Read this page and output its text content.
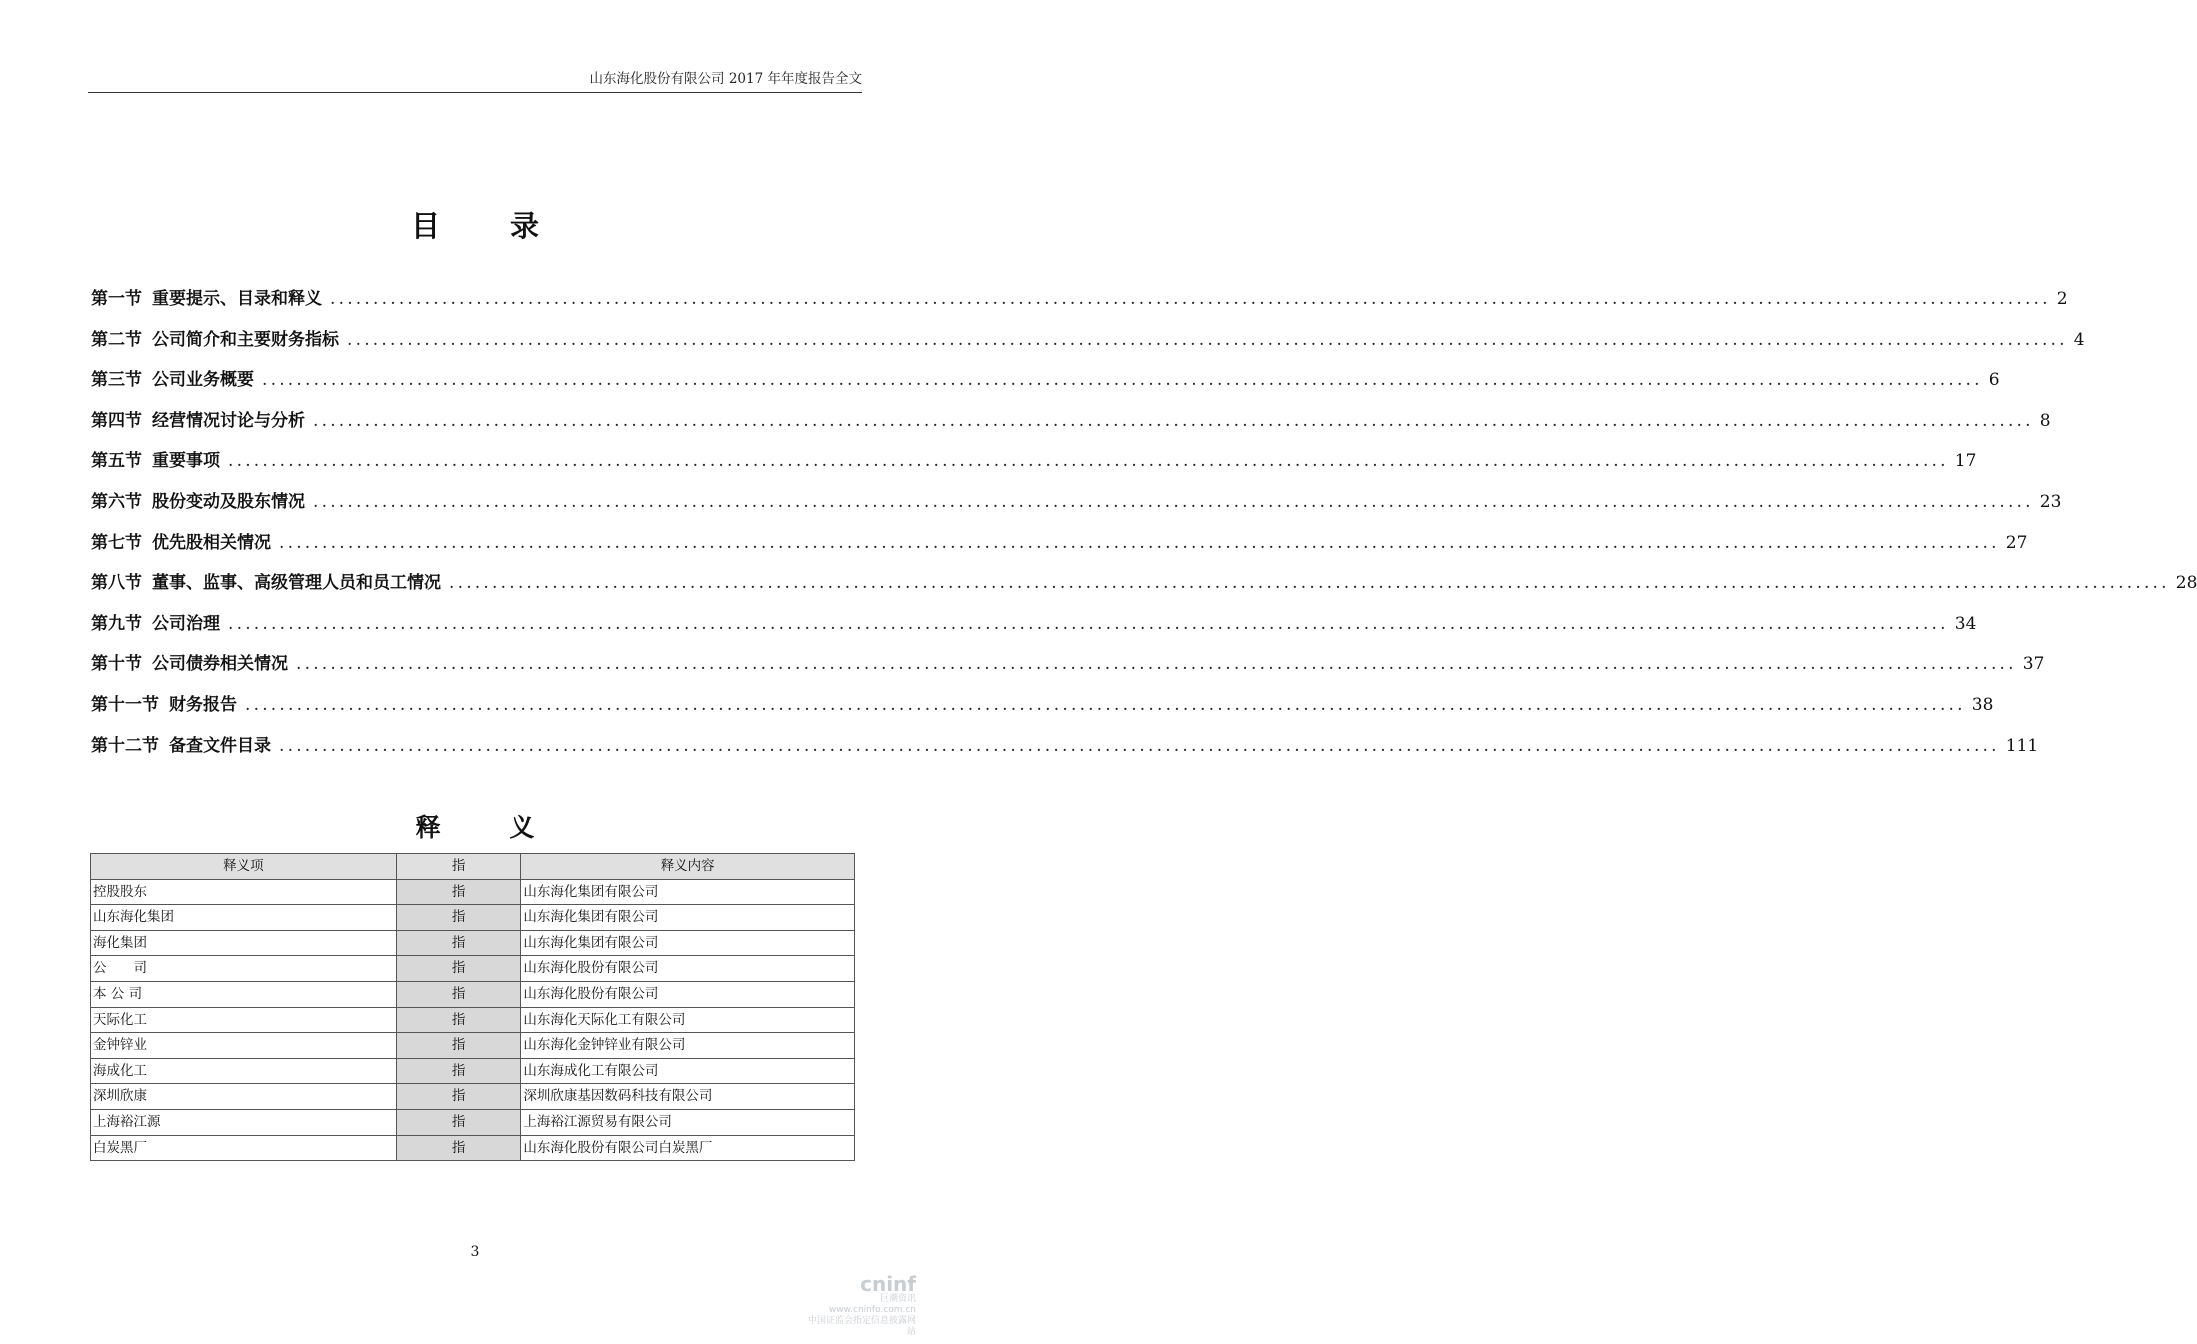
山东海化股份有限公司 2017 年年度报告全文
目 录
第一节 重要提示、目录和释义 ........................................................................................................................................................................................................ 2
第二节 公司简介和主要财务指标 ........................................................................................................................................................................................................ 4
第三节 公司业务概要 ........................................................................................................................................................................................................ 6
第四节 经营情况讨论与分析 ........................................................................................................................................................................................................ 8
第五节 重要事项 ........................................................................................................................................................................................................ 17
第六节 股份变动及股东情况 ........................................................................................................................................................................................................ 23
第七节 优先股相关情况 ........................................................................................................................................................................................................ 27
第八节 董事、监事、高级管理人员和员工情况 ........................................................................................................................................................................................................ 28
第九节 公司治理 ........................................................................................................................................................................................................ 34
第十节 公司债券相关情况 ........................................................................................................................................................................................................ 37
第十一节 财务报告 ........................................................................................................................................................................................................ 38
第十二节 备查文件目录 ........................................................................................................................................................................................................ 111
释 义
释义项	指	释义内容
控股股东	指	山东海化集团有限公司
山东海化集团	指	山东海化集团有限公司
海化集团	指	山东海化集团有限公司
公　　司	指	山东海化股份有限公司
本 公 司	指	山东海化股份有限公司
天际化工	指	山东海化天际化工有限公司
金钟锌业	指	山东海化金钟锌业有限公司
海成化工	指	山东海成化工有限公司
深圳欣康	指	深圳欣康基因数码科技有限公司
上海裕江源	指	上海裕江源贸易有限公司
白炭黑厂	指	山东海化股份有限公司白炭黑厂
3
cninf
巨潮资讯
www.cninfo.com.cn
中国证监会指定信息披露网站
